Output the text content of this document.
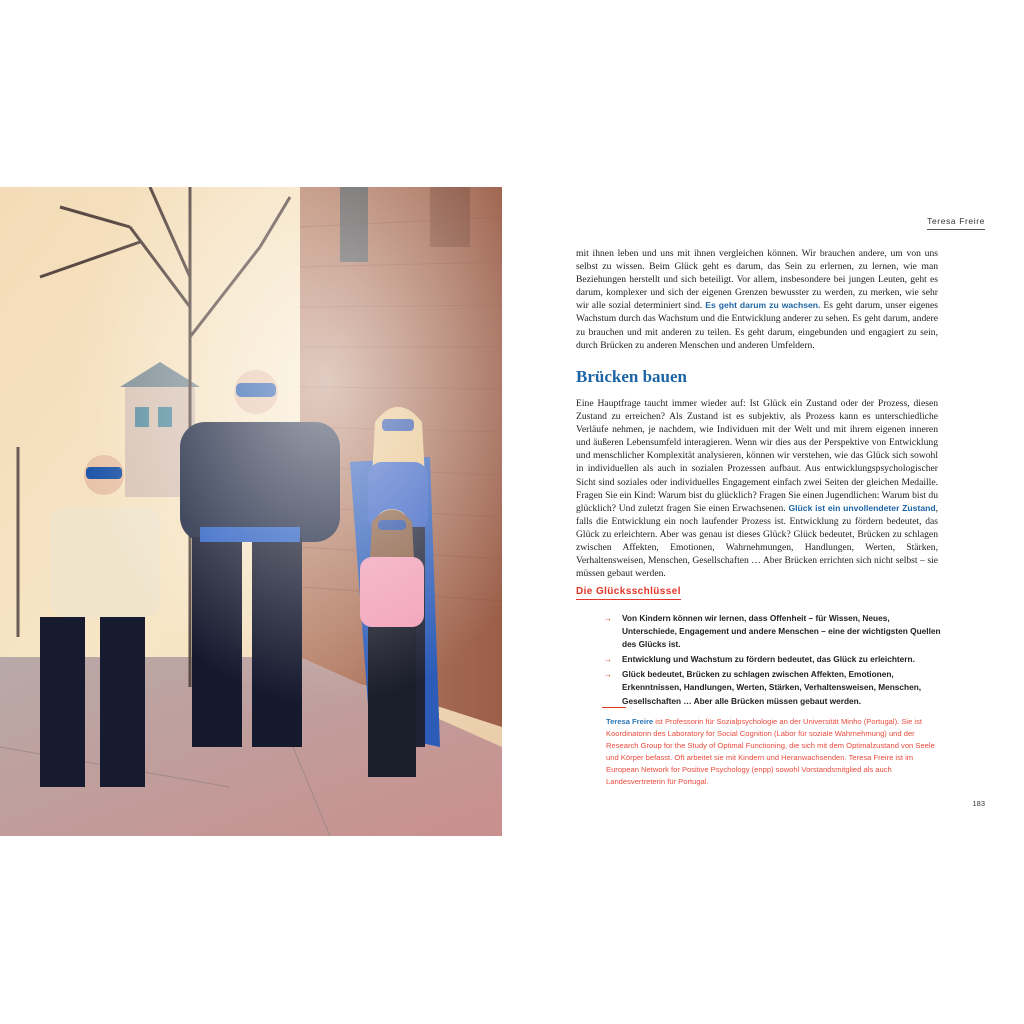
Teresa Freire

mit ihnen leben und uns mit ihnen vergleichen können. Wir brauchen andere, um von uns selbst zu wissen. Beim Glück geht es darum, das Sein zu erlernen, zu lernen, wie man Beziehungen herstellt und sich beteiligt. Vor allem, insbesondere bei jungen Leuten, geht es darum, komplexer und sich der eigenen Grenzen bewusster zu werden, zu merken, wie sehr wir alle sozial determiniert sind. Es geht darum zu wachsen. Es geht darum, unser eigenes Wachstum durch das Wachstum und die Entwicklung anderer zu sehen. Es geht darum, andere zu brauchen und mit anderen zu teilen. Es geht darum, eingebunden und engagiert zu sein, durch Brücken zu anderen Menschen und anderen Umfeldern.

Brücken bauen

Eine Hauptfrage taucht immer wieder auf: Ist Glück ein Zustand oder der Prozess, diesen Zustand zu erreichen? Als Zustand ist es subjektiv, als Prozess kann es unterschiedliche Verläufe nehmen, je nachdem, wie Individuen mit der Welt und mit ihrem eigenen inneren und äußeren Lebensumfeld interagieren. Wenn wir dies aus der Perspektive von Entwicklung und menschlicher Komplexität analysieren, können wir verstehen, wie das Glück sich sowohl in individuellen als auch in sozialen Prozessen aufbaut. Aus entwicklungspsychologischer Sicht sind soziales oder individuelles Engagement einfach zwei Seiten der gleichen Medaille. Fragen Sie ein Kind: Warum bist du glücklich? Fragen Sie einen Jugendlichen: Warum bist du glücklich? Und zuletzt fragen Sie einen Erwachsenen. Glück ist ein unvollendeter Zustand, falls die Entwicklung ein noch laufender Prozess ist. Entwicklung zu fördern bedeutet, das Glück zu erleichtern. Aber was genau ist dieses Glück? Glück bedeutet, Brücken zu schlagen zwischen Affekten, Emotionen, Wahrnehmungen, Handlungen, Werten, Stärken, Verhaltensweisen, Menschen, Gesellschaften … Aber Brücken errichten sich nicht selbst – sie müssen gebaut werden.

Die Glücksschlüssel
→ Von Kindern können wir lernen, dass Offenheit – für Wissen, Neues, Unterschiede, Engagement und andere Menschen – eine der wichtigsten Quellen des Glücks ist.
→ Entwicklung und Wachstum zu fördern bedeutet, das Glück zu erleichtern.
→ Glück bedeutet, Brücken zu schlagen zwischen Affekten, Emotionen, Erkenntnissen, Handlungen, Werten, Stärken, Verhaltensweisen, Menschen, Gesellschaften … Aber alle Brücken müssen gebaut werden.

Teresa Freire ist Professorin für Sozialpsychologie an der Universität Minho (Portugal). Sie ist Koordinatorin des Laboratory for Social Cognition (Labor für soziale Wahrnehmung) und der Research Group for the Study of Optimal Functioning, die sich mit dem Optimalzustand von Seele und Körper befasst. Oft arbeitet sie mit Kindern und Heranwachsenden. Teresa Freire ist im European Network for Positive Psychology (enpp) sowohl Vorstandsmitglied als auch Landesvertreterin für Portugal.

183
